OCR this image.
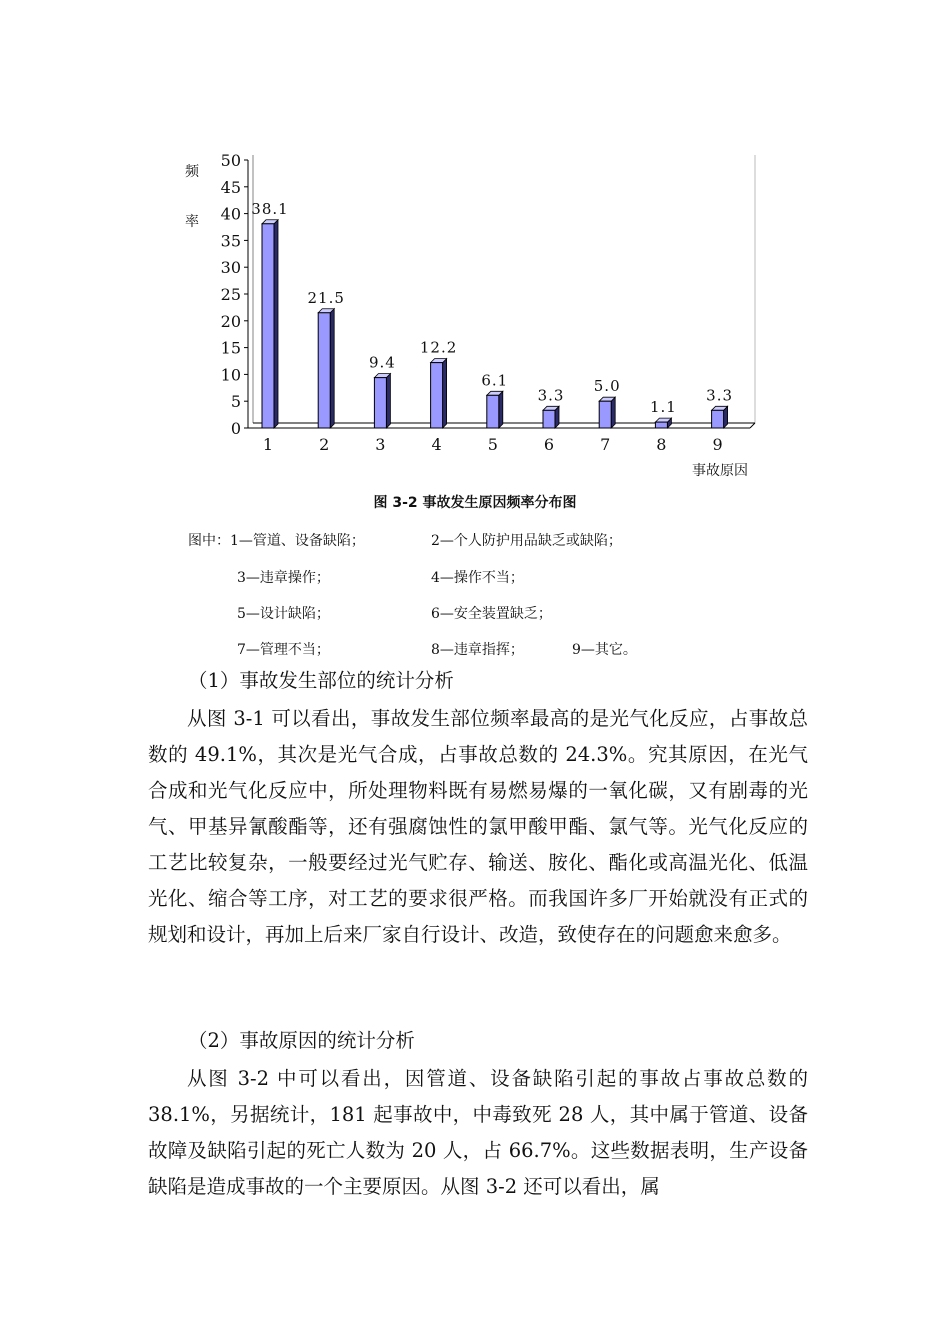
0
5
10
15
20
25
30
35
40
45
50
频
率
事故原因
38.1
1
21.5
2
9.4
3
12.2
4
6.1
5
3.3
6
5.0
7
1.1
8
3.3
9
图 3-2 事故发生原因频率分布图
图中：1—管道、设备缺陷；	2—个人防护用品缺乏或缺陷；
3—违章操作；	4—操作不当；
5—设计缺陷；	6—安全装置缺乏；
7—管理不当；	8—违章指挥；	9—其它。
（1）事故发生部位的统计分析

从图 3-1 可以看出，事故发生部位频率最高的是光气化反应，占事故总数的 49.1%，其次是光气合成，占事故总数的 24.3%。究其原因，在光气合成和光气化反应中，所处理物料既有易燃易爆的一氧化碳，又有剧毒的光气、甲基异氰酸酯等，还有强腐蚀性的氯甲酸甲酯、氯气等。光气化反应的工艺比较复杂，一般要经过光气贮存、输送、胺化、酯化或高温光化、低温光化、缩合等工序，对工艺的要求很严格。而我国许多厂开始就没有正式的规划和设计，再加上后来厂家自行设计、改造，致使存在的问题愈来愈多。

（2）事故原因的统计分析

从图 3-2 中可以看出，因管道、设备缺陷引起的事故占事故总数的 38.1%，另据统计，181 起事故中，中毒致死 28 人，其中属于管道、设备故障及缺陷引起的死亡人数为 20 人，占 66.7%。这些数据表明，生产设备缺陷是造成事故的一个主要原因。从图 3-2 还可以看出，属
